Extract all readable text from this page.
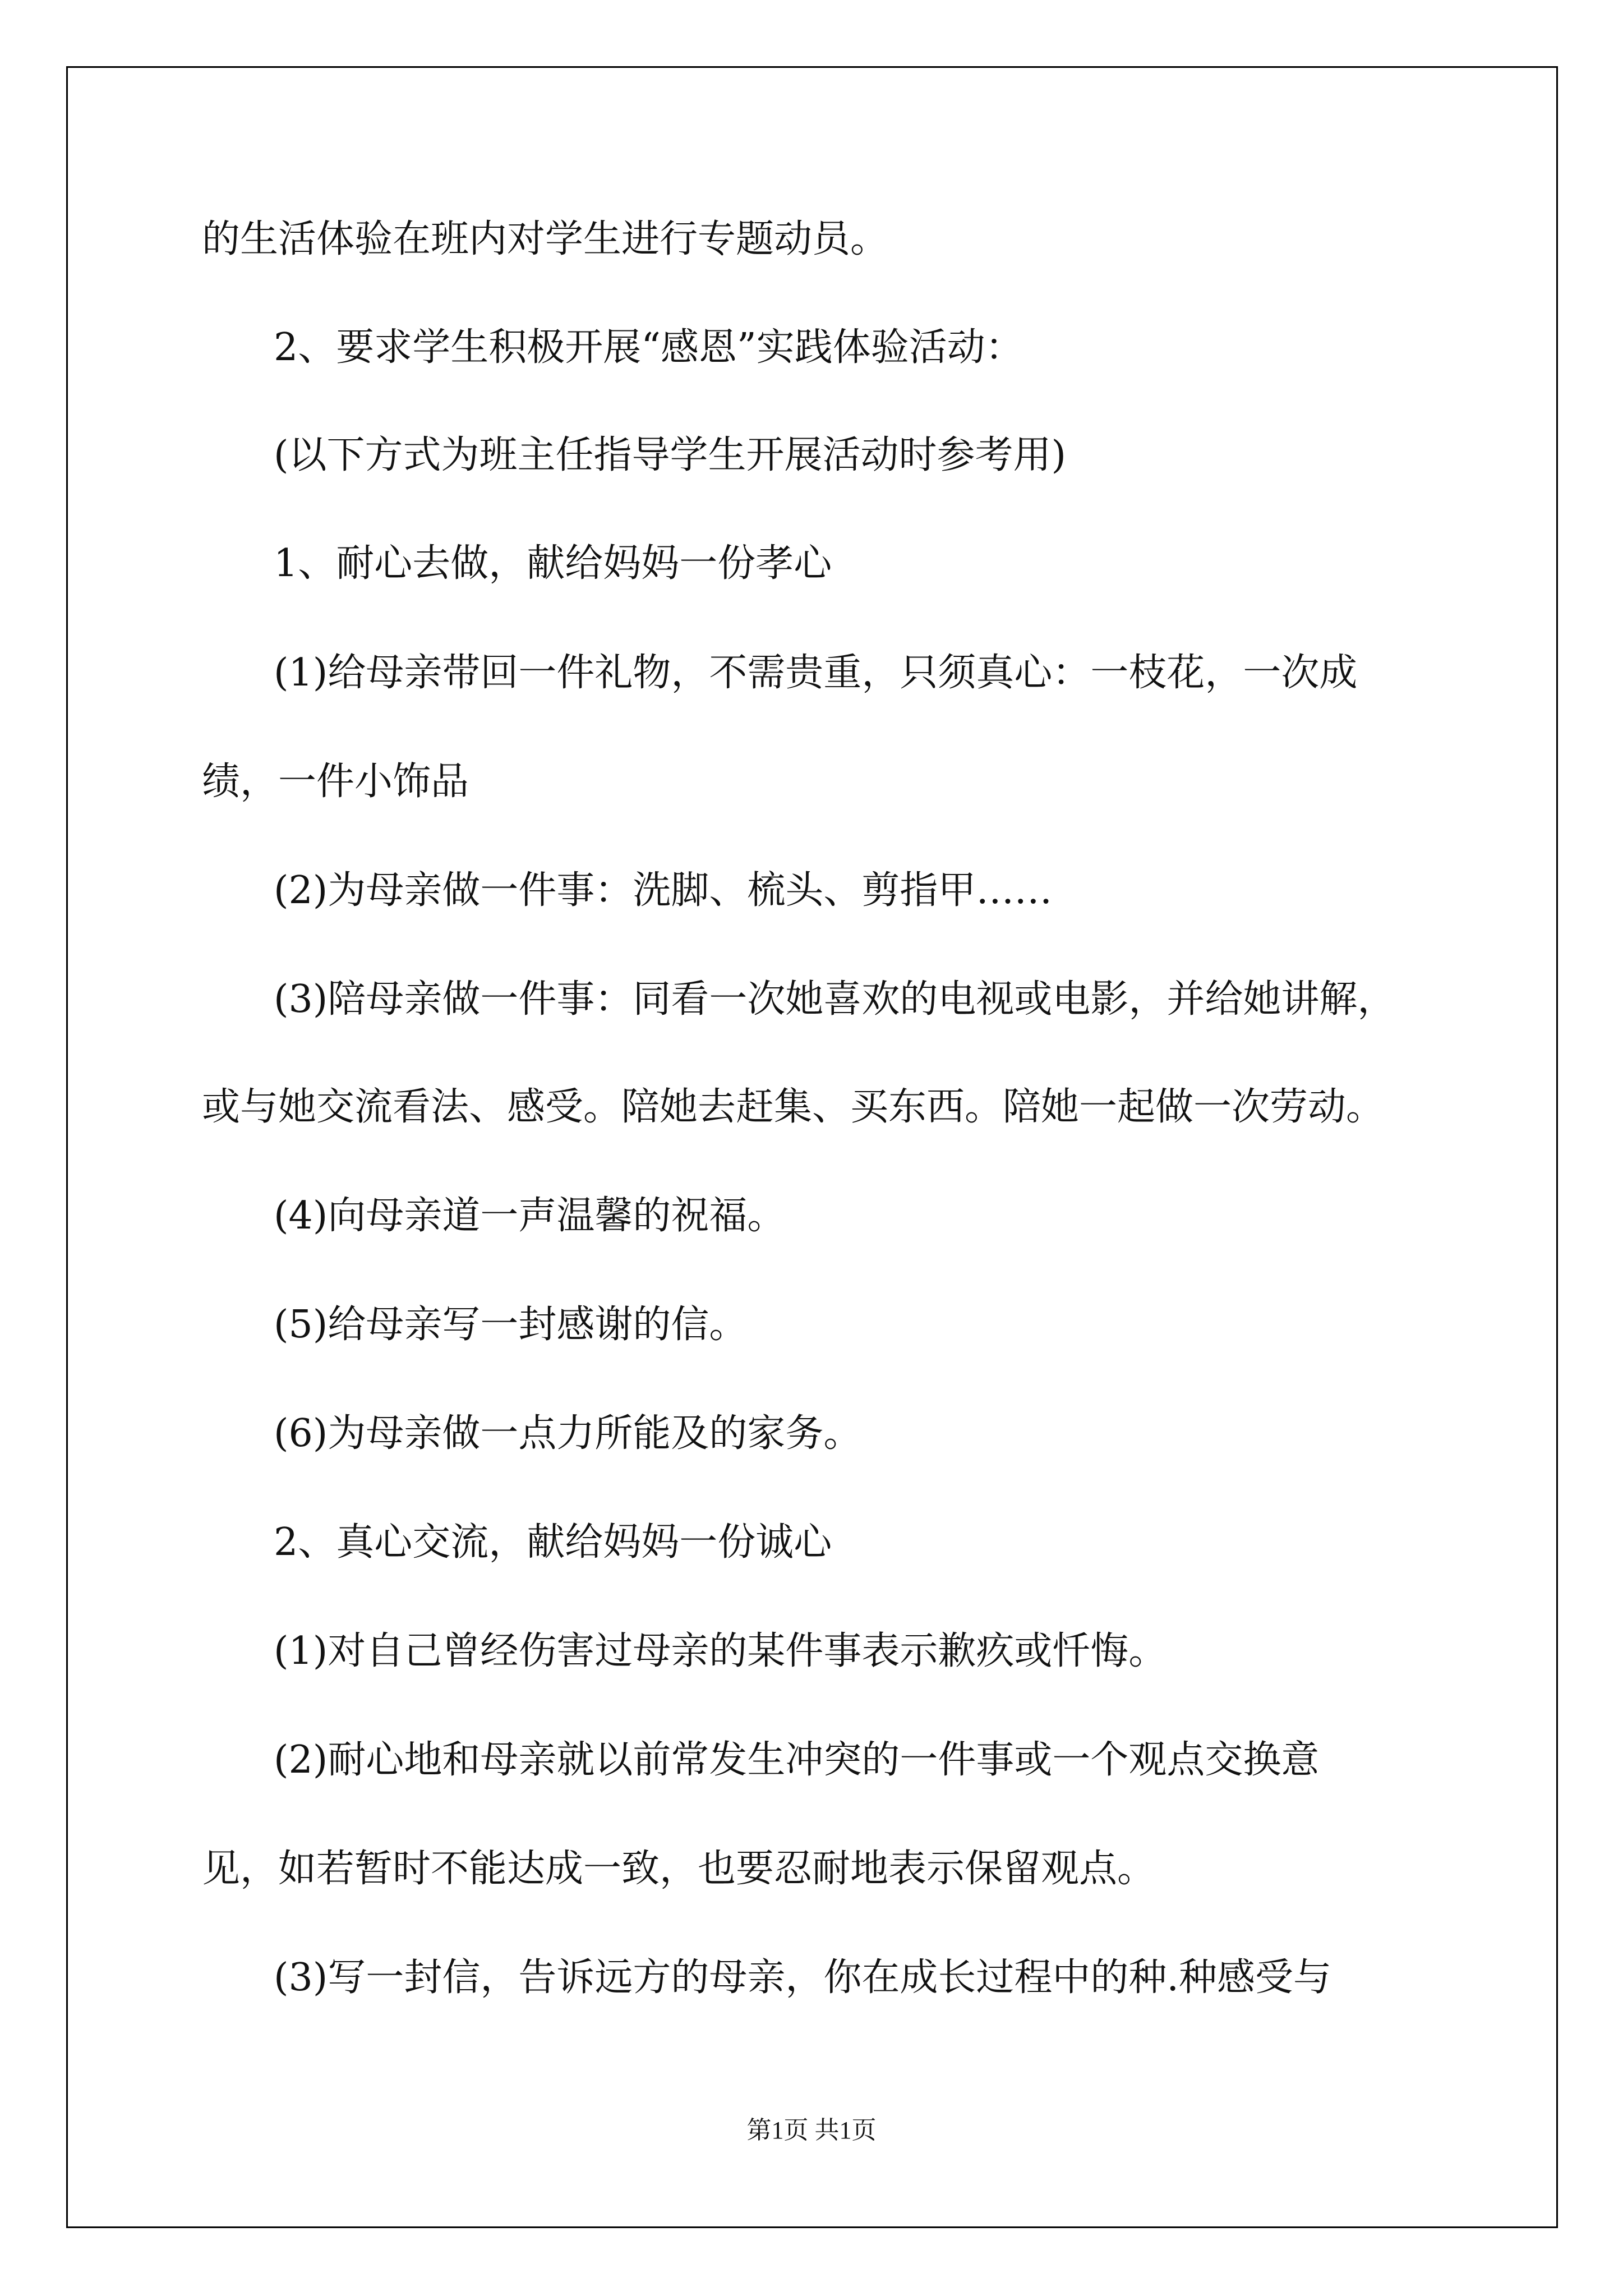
的生活体验在班内对学生进行专题动员。
2、要求学生积极开展“感恩”实践体验活动：
(以下方式为班主任指导学生开展活动时参考用)
1、耐心去做，献给妈妈一份孝心
(1)给母亲带回一件礼物，不需贵重，只须真心：一枝花，一次成
绩，一件小饰品
(2)为母亲做一件事：洗脚、梳头、剪指甲……
(3)陪母亲做一件事：同看一次她喜欢的电视或电影，并给她讲解，
或与她交流看法、感受。陪她去赶集、买东西。陪她一起做一次劳动。
(4)向母亲道一声温馨的祝福。
(5)给母亲写一封感谢的信。
(6)为母亲做一点力所能及的家务。
2、真心交流，献给妈妈一份诚心
(1)对自己曾经伤害过母亲的某件事表示歉疚或忏悔。
(2)耐心地和母亲就以前常发生冲突的一件事或一个观点交换意
见，如若暂时不能达成一致，也要忍耐地表示保留观点。
(3)写一封信，告诉远方的母亲，你在成长过程中的种.种感受与
第1页 共1页
